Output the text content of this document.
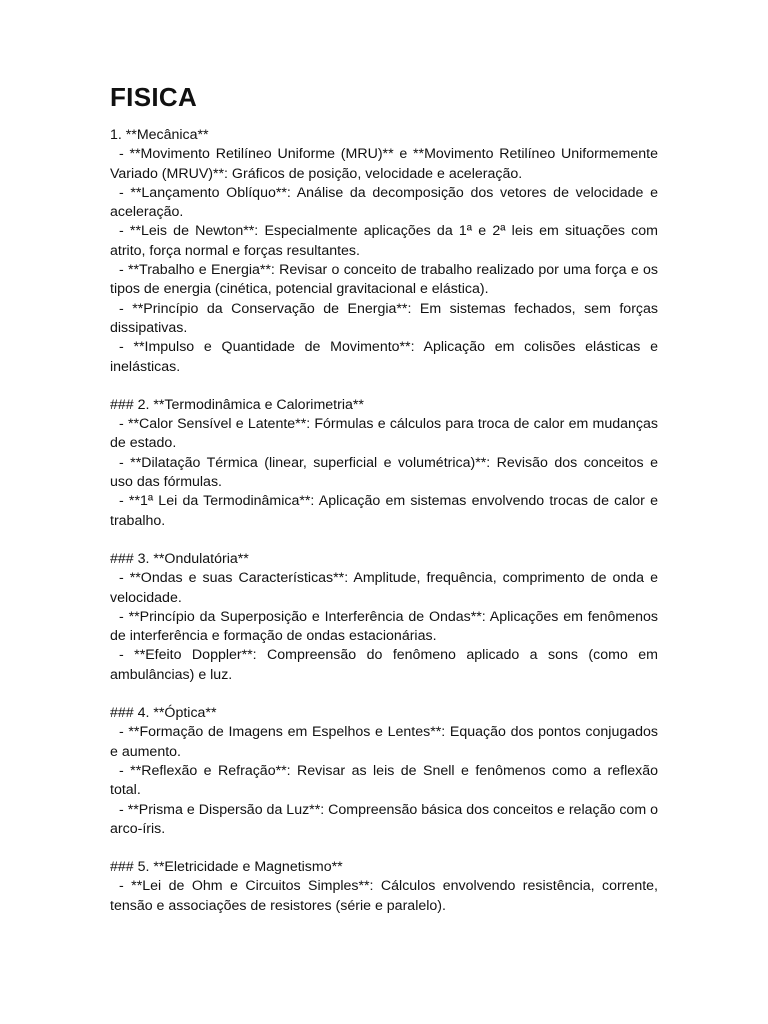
FISICA

1. **Mecânica**

- **Movimento Retilíneo Uniforme (MRU)** e **Movimento Retilíneo Uniformemente Variado (MRUV)**: Gráficos de posição, velocidade e aceleração.

- **Lançamento Oblíquo**: Análise da decomposição dos vetores de velocidade e aceleração.

- **Leis de Newton**: Especialmente aplicações da 1ª e 2ª leis em situações com atrito, força normal e forças resultantes.

- **Trabalho e Energia**: Revisar o conceito de trabalho realizado por uma força e os tipos de energia (cinética, potencial gravitacional e elástica).

- **Princípio da Conservação de Energia**: Em sistemas fechados, sem forças dissipativas.

- **Impulso e Quantidade de Movimento**: Aplicação em colisões elásticas e inelásticas.

### 2. **Termodinâmica e Calorimetria**

- **Calor Sensível e Latente**: Fórmulas e cálculos para troca de calor em mudanças de estado.

- **Dilatação Térmica (linear, superficial e volumétrica)**: Revisão dos conceitos e uso das fórmulas.

- **1ª Lei da Termodinâmica**: Aplicação em sistemas envolvendo trocas de calor e trabalho.

### 3. **Ondulatória**

- **Ondas e suas Características**: Amplitude, frequência, comprimento de onda e velocidade.

- **Princípio da Superposição e Interferência de Ondas**: Aplicações em fenômenos de interferência e formação de ondas estacionárias.

- **Efeito Doppler**: Compreensão do fenômeno aplicado a sons (como em ambulâncias) e luz.

### 4. **Óptica**

- **Formação de Imagens em Espelhos e Lentes**: Equação dos pontos conjugados e aumento.

- **Reflexão e Refração**: Revisar as leis de Snell e fenômenos como a reflexão total.

- **Prisma e Dispersão da Luz**: Compreensão básica dos conceitos e relação com o arco-íris.

### 5. **Eletricidade e Magnetismo**

- **Lei de Ohm e Circuitos Simples**: Cálculos envolvendo resistência, corrente, tensão e associações de resistores (série e paralelo).
